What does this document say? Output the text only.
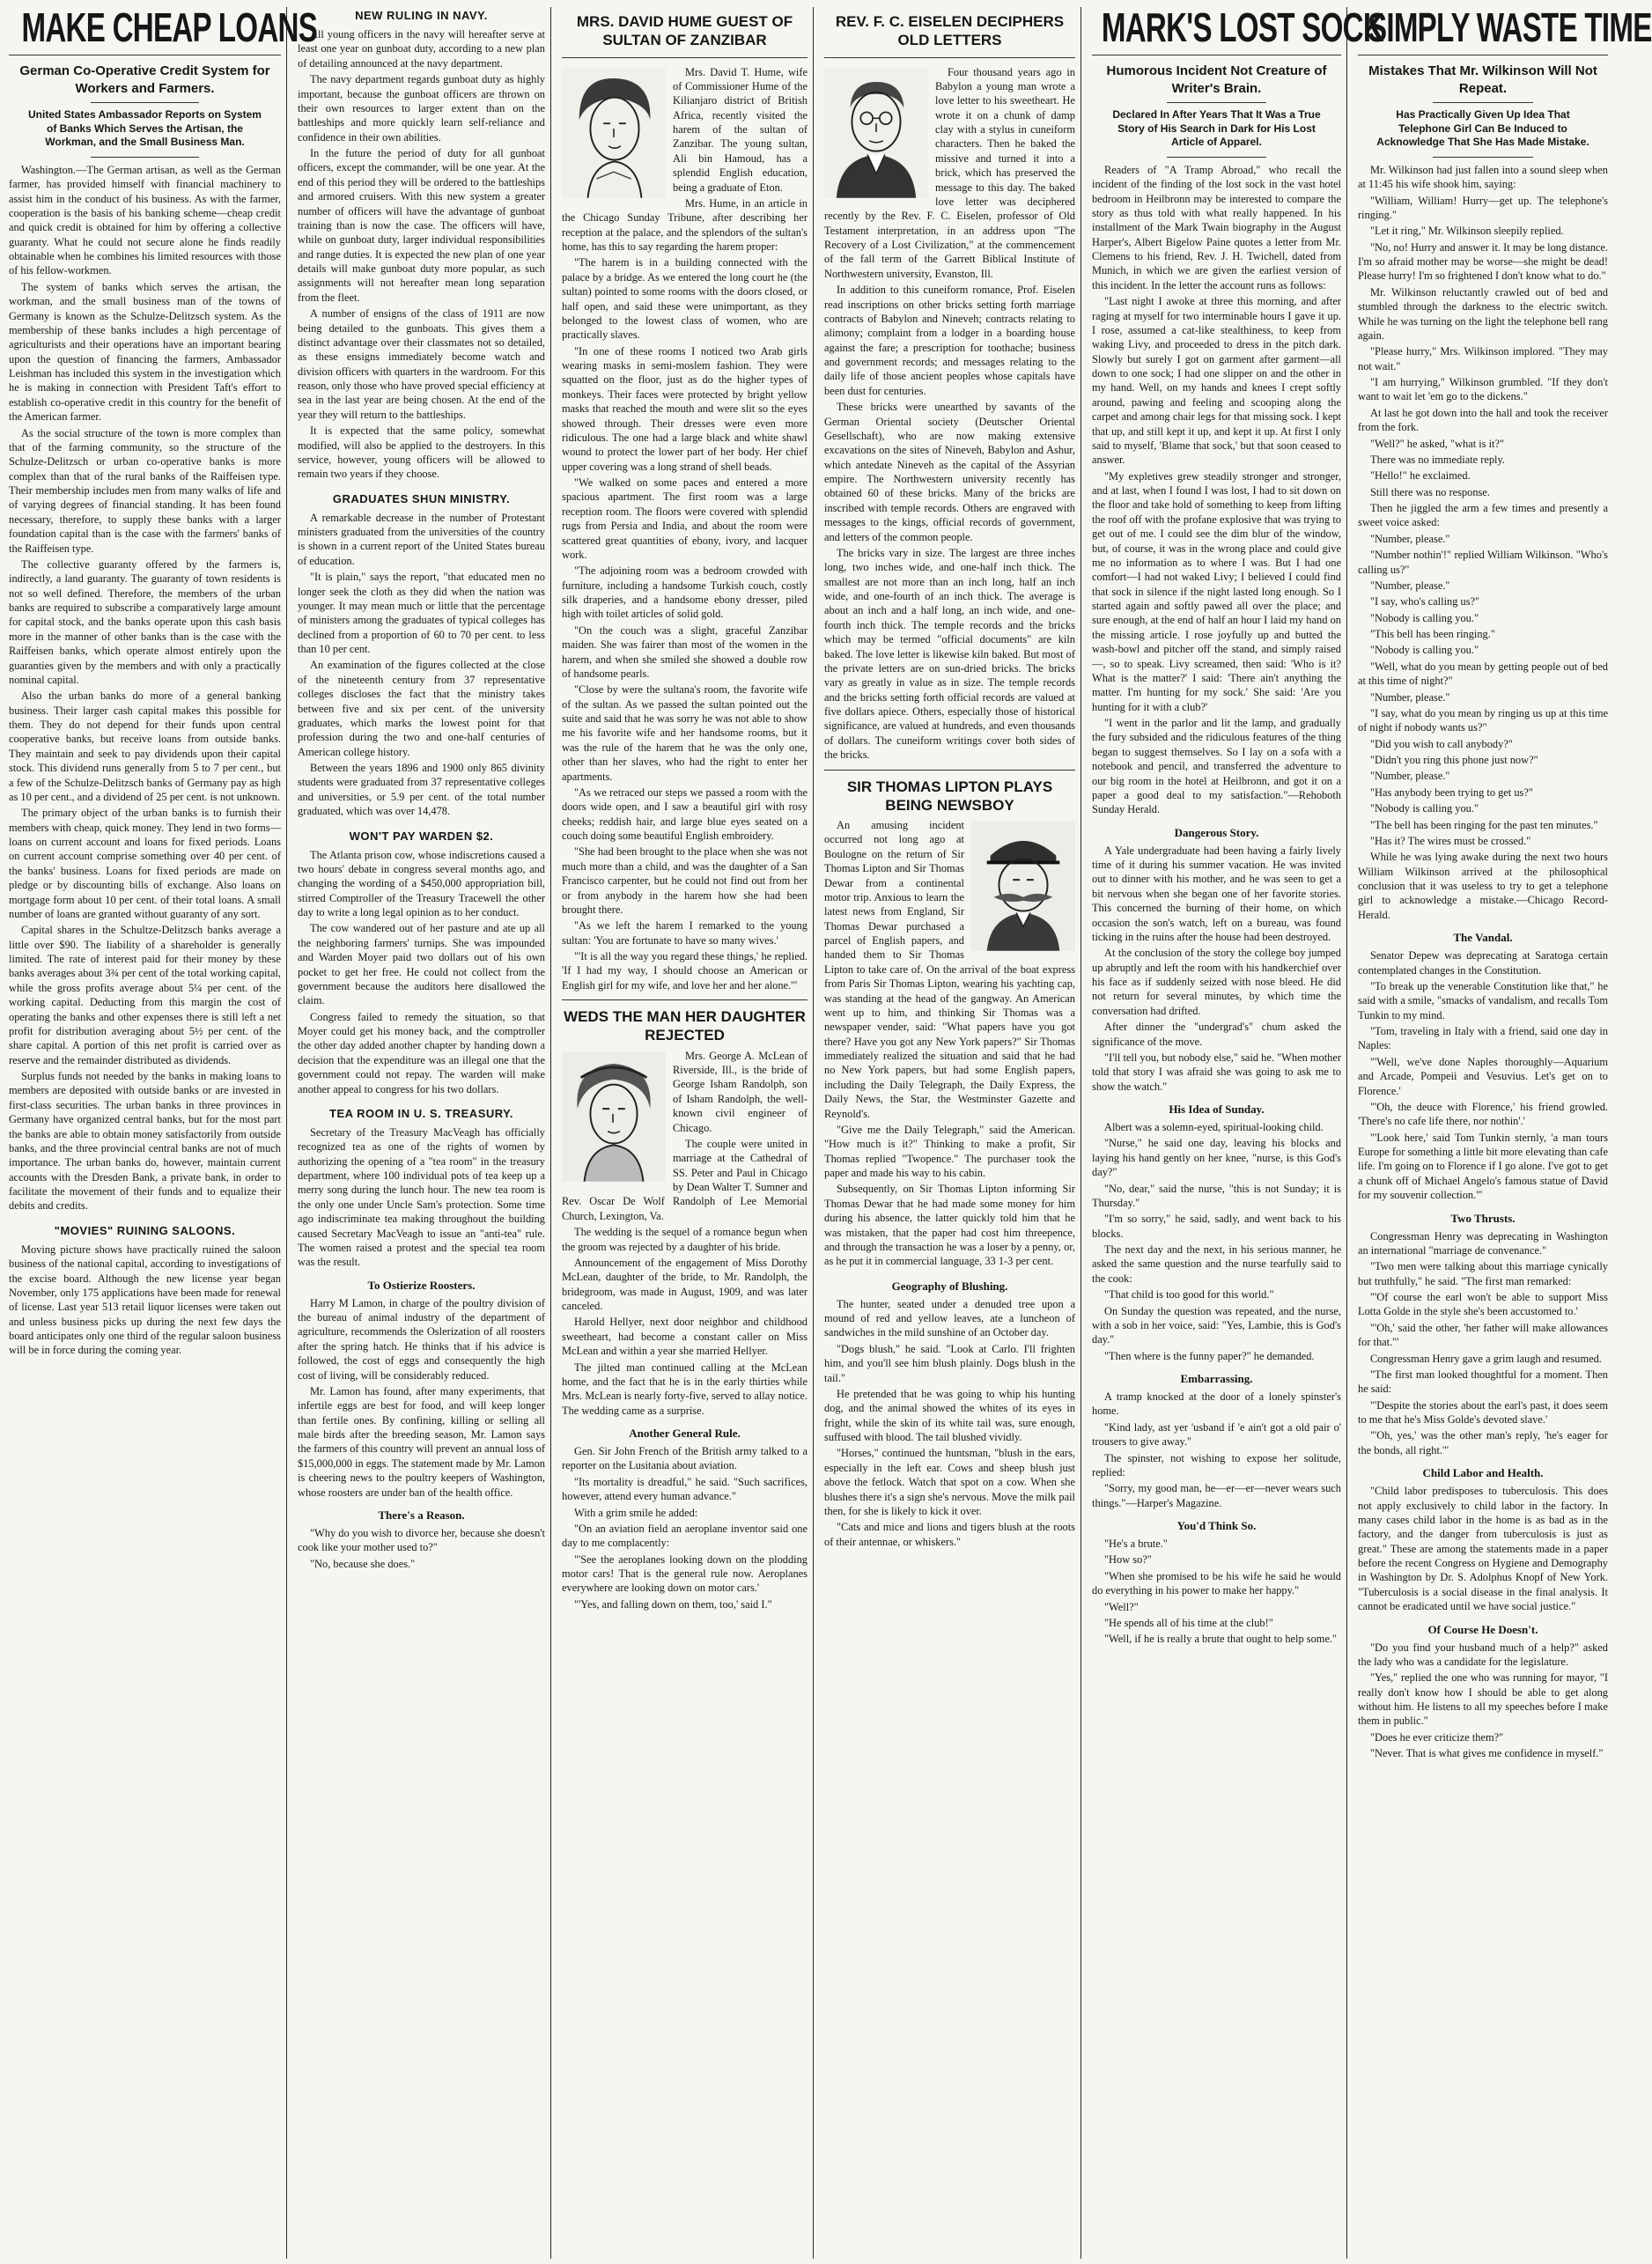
MAKE CHEAP LOANS
German Co-Operative Credit System for Workers and Farmers.
United States Ambassador Reports on System of Banks Which Serves the Artisan, the Workman, and the Small Business Man.

Washington.—The German artisan, as well as the German farmer, has provided himself with financial machinery to assist him in the conduct of his business. As with the farmer, cooperation is the basis of his banking scheme—cheap credit and quick credit is obtained for him by offering a collective guaranty. What he could not secure alone he finds readily obtainable when he combines his limited resources with those of his fellow-workmen.

The system of banks which serves the artisan, the workman, and the small business man of the towns of Germany is known as the Schulze-Delitzsch system. As the membership of these banks includes a high percentage of agriculturists and their operations have an important bearing upon the question of financing the farmers, Ambassador Leishman has included this system in the investigation which he is making in connection with President Taft's effort to establish co-operative credit in this country for the benefit of the American farmer.

As the social structure of the town is more complex than that of the farming community, so the structure of the Schulze-Delitzsch or urban co-operative banks is more complex than that of the rural banks of the Raiffeisen type. Their membership includes men from many walks of life and of varying degrees of financial standing. It has been found necessary, therefore, to supply these banks with a larger foundation capital than is the case with the farmers' banks of the Raiffeisen type.

The collective guaranty offered by the farmers is, indirectly, a land guaranty. The guaranty of town residents is not so well defined. Therefore, the members of the urban banks are required to subscribe a comparatively large amount for capital stock, and the banks operate upon this cash basis more in the manner of other banks than is the case with the Raiffeisen banks, which operate almost entirely upon the guaranties given by the members and with only a practically nominal capital.

Also the urban banks do more of a general banking business. Their larger cash capital makes this possible for them. They do not depend for their funds upon central cooperative banks, but receive loans from outside banks. They maintain and seek to pay dividends upon their capital stock. This dividend runs generally from 5 to 7 per cent., but a few of the Schulze-Delitzsch banks of Germany pay as high as 10 per cent., and a dividend of 25 per cent. is not unknown.

The primary object of the urban banks is to furnish their members with cheap, quick money. They lend in two forms—loans on current account and loans for fixed periods. Loans on current account comprise something over 40 per cent. of the banks' business. Loans for fixed periods are made on pledge or by discounting bills of exchange. Also loans on mortgage form about 10 per cent. of their total loans. A small number of loans are granted without guaranty of any sort.

Capital shares in the Schultze-Delitzsch banks average a little over $90. The liability of a shareholder is generally limited. The rate of interest paid for their money by these banks averages about 3¾ per cent of the total working capital, while the gross profits average about 5¼ per cent. of the working capital. Deducting from this margin the cost of operating the banks and other expenses there is still left a net profit for distribution averaging about 5½ per cent. of the share capital. A portion of this net profit is carried over as reserve and the remainder distributed as dividends.

Surplus funds not needed by the banks in making loans to members are deposited with outside banks or are invested in first-class securities. The urban banks in three provinces in Germany have organized central banks, but for the most part the banks are able to obtain money satisfactorily from outside banks, and the three provincial central banks are not of much importance. The urban banks do, however, maintain current accounts with the Dresden Bank, a private bank, in order to facilitate the movement of their funds and to equalize their debits and credits.

"MOVIES" RUINING SALOONS.

Moving picture shows have practically ruined the saloon business of the national capital, according to investigations of the excise board. Although the new license year began November, only 175 applications have been made for renewal of license. Last year 513 retail liquor licenses were taken out and unless business picks up during the next few days the board anticipates only one third of the regular saloon business will be in force during the coming year.

NEW RULING IN NAVY.

All young officers in the navy will hereafter serve at least one year on gunboat duty, according to a new plan of detailing announced at the navy department.

The navy department regards gunboat duty as highly important, because the gunboat officers are thrown on their own resources to larger extent than on the battleships and more quickly learn self-reliance and confidence in their own abilities.

In the future the period of duty for all gunboat officers, except the commander, will be one year. At the end of this period they will be ordered to the battleships and armored cruisers. With this new system a greater number of officers will have the advantage of gunboat training than is now the case. The officers will have, while on gunboat duty, larger individual responsibilities and range duties. It is expected the new plan of one year details will make gunboat duty more popular, as such assignments will not hereafter mean long separation from the fleet.

A number of ensigns of the class of 1911 are now being detailed to the gunboats. This gives them a distinct advantage over their classmates not so detailed, as these ensigns immediately become watch and division officers with quarters in the wardroom. For this reason, only those who have proved special efficiency at sea in the last year are being chosen. At the end of the year they will return to the battleships.

It is expected that the same policy, somewhat modified, will also be applied to the destroyers. In this service, however, young officers will be allowed to remain two years if they choose.

GRADUATES SHUN MINISTRY.

A remarkable decrease in the number of Protestant ministers graduated from the universities of the country is shown in a current report of the United States bureau of education.

"It is plain," says the report, "that educated men no longer seek the cloth as they did when the nation was younger. It may mean much or little that the percentage of ministers among the graduates of typical colleges has declined from a proportion of 60 to 70 per cent. to less than 10 per cent.

An examination of the figures collected at the close of the nineteenth century from 37 representative colleges discloses the fact that the ministry takes between five and six per cent. of the university graduates, which marks the lowest point for that profession during the two and one-half centuries of American college history.

Between the years 1896 and 1900 only 865 divinity students were graduated from 37 representative colleges and universities, or 5.9 per cent. of the total number graduated, which was over 14,478.

WON'T PAY WARDEN $2.

The Atlanta prison cow, whose indiscretions caused a two hours' debate in congress several months ago, and changing the wording of a $450,000 appropriation bill, stirred Comptroller of the Treasury Tracewell the other day to write a long legal opinion as to her conduct.

The cow wandered out of her pasture and ate up all the neighboring farmers' turnips. She was impounded and Warden Moyer paid two dollars out of his own pocket to get her free. He could not collect from the government because the auditors here disallowed the claim.

Congress failed to remedy the situation, so that Moyer could get his money back, and the comptroller the other day added another chapter by handing down a decision that the expenditure was an illegal one that the government could not repay. The warden will make another appeal to congress for his two dollars.

TEA ROOM IN U. S. TREASURY.

Secretary of the Treasury MacVeagh has officially recognized tea as one of the rights of women by authorizing the opening of a "tea room" in the treasury department, where 100 individual pots of tea keep up a merry song during the lunch hour. The new tea room is the only one under Uncle Sam's protection. Some time ago indiscriminate tea making throughout the building caused Secretary MacVeagh to issue an "anti-tea" rule. The women raised a protest and the special tea room was the result.

To Ostierize Roosters.

Harry M Lamon, in charge of the poultry division of the bureau of animal industry of the department of agriculture, recommends the Oslerization of all roosters after the spring hatch. He thinks that if his advice is followed, the cost of eggs and consequently the high cost of living, will be considerably reduced.

Mr. Lamon has found, after many experiments, that infertile eggs are best for food, and will keep longer than fertile ones. By confining, killing or selling all male birds after the breeding season, Mr. Lamon says the farmers of this country will prevent an annual loss of $15,000,000 in eggs. The statement made by Mr. Lamon is cheering news to the poultry keepers of Washington, whose roosters are under ban of the health office.

There's a Reason.

"Why do you wish to divorce her, because she doesn't cook like your mother used to?"

"No, because she does."

MRS. DAVID HUME GUEST OF SULTAN OF ZANZIBAR

Mrs. David T. Hume, wife of Commissioner Hume of the Kilianjaro district of British Africa, recently visited the harem of the sultan of Zanzibar. The young sultan, Ali bin Hamoud, has a splendid English education, being a graduate of Eton.

Mrs. Hume, in an article in the Chicago Sunday Tribune, after describing her reception at the palace, and the splendors of the sultan's home, has this to say regarding the harem proper:

"The harem is in a building connected with the palace by a bridge. As we entered the long court he (the sultan) pointed to some rooms with the doors closed, or half open, and said these were unimportant, as they belonged to the lowest class of women, who are practically slaves.

"In one of these rooms I noticed two Arab girls wearing masks in semi-moslem fashion. They were squatted on the floor, just as do the higher types of monkeys. Their faces were protected by bright yellow masks that reached the mouth and were slit so the eyes showed through. Their dresses were even more ridiculous. The one had a large black and white shawl wound to protect the lower part of her body. Her chief upper covering was a long strand of shell beads.

"We walked on some paces and entered a more spacious apartment. The first room was a large reception room. The floors were covered with splendid rugs from Persia and India, and about the room were scattered great quantities of ebony, ivory, and lacquer work.

"The adjoining room was a bedroom crowded with furniture, including a handsome Turkish couch, costly silk draperies, and a handsome ebony dresser, piled high with toilet articles of solid gold.

"On the couch was a slight, graceful Zanzibar maiden. She was fairer than most of the women in the harem, and when she smiled she showed a double row of handsome pearls.

"Close by were the sultana's room, the favorite wife of the sultan. As we passed the sultan pointed out the suite and said that he was sorry he was not able to show me his favorite wife and her handsome rooms, but it was the rule of the harem that he was the only one, other than her slaves, who had the right to enter her apartments.

"As we retraced our steps we passed a room with the doors wide open, and I saw a beautiful girl with rosy cheeks; reddish hair, and large blue eyes seated on a couch doing some beautiful English embroidery.

"She had been brought to the place when she was not much more than a child, and was the daughter of a San Francisco carpenter, but he could not find out from her or from anybody in the harem how she had been brought there.

"As we left the harem I remarked to the young sultan: 'You are fortunate to have so many wives.'

"'It is all the way you regard these things,' he replied. 'If I had my way, I should choose an American or English girl for my wife, and love her and her alone.'"

WEDS THE MAN HER DAUGHTER REJECTED

Mrs. George A. McLean of Riverside, Ill., is the bride of George Isham Randolph, son of Isham Randolph, the well-known civil engineer of Chicago.

The couple were united in marriage at the Cathedral of SS. Peter and Paul in Chicago by Dean Walter T. Sumner and Rev. Oscar De Wolf Randolph of Lee Memorial Church, Lexington, Va.

The wedding is the sequel of a romance begun when the groom was rejected by a daughter of his bride.

Announcement of the engagement of Miss Dorothy McLean, daughter of the bride, to Mr. Randolph, the bridegroom, was made in August, 1909, and was later canceled.

Harold Hellyer, next door neighbor and childhood sweetheart, had become a constant caller on Miss McLean and within a year she married Hellyer.

The jilted man continued calling at the McLean home, and the fact that he is in the early thirties while Mrs. McLean is nearly forty-five, served to allay notice. The wedding came as a surprise.

Another General Rule.

Gen. Sir John French of the British army talked to a reporter on the Lusitania about aviation.

"Its mortality is dreadful," he said. "Such sacrifices, however, attend every human advance."

With a grim smile he added:

"On an aviation field an aeroplane inventor said one day to me complacently:

"'See the aeroplanes looking down on the plodding motor cars! That is the general rule now. Aeroplanes everywhere are looking down on motor cars.'

"'Yes, and falling down on them, too,' said I."

REV. F. C. EISELEN DECIPHERS OLD LETTERS

Four thousand years ago in Babylon a young man wrote a love letter to his sweetheart. He wrote it on a chunk of damp clay with a stylus in cuneiform characters. Then he baked the missive and turned it into a brick, which has preserved the message to this day. The baked love letter was deciphered recently by the Rev. F. C. Eiselen, professor of Old Testament interpretation, in an address upon "The Recovery of a Lost Civilization," at the commencement of the fall term of the Garrett Biblical Institute of Northwestern university, Evanston, Ill.

In addition to this cuneiform romance, Prof. Eiselen read inscriptions on other bricks setting forth marriage contracts of Babylon and Nineveh; contracts relating to alimony; complaint from a lodger in a boarding house against the fare; a prescription for toothache; business and government records; and messages relating to the daily life of those ancient peoples whose capitals have been dust for centuries.

These bricks were unearthed by savants of the German Oriental society (Deutscher Oriental Gesellschaft), who are now making extensive excavations on the sites of Nineveh, Babylon and Ashur, which antedate Nineveh as the capital of the Assyrian empire. The Northwestern university recently has obtained 60 of these bricks. Many of the bricks are inscribed with temple records. Others are engraved with messages to the kings, official records of government, and letters of the common people.

The bricks vary in size. The largest are three inches long, two inches wide, and one-half inch thick. The smallest are not more than an inch long, half an inch wide, and one-fourth of an inch thick. The average is about an inch and a half long, an inch wide, and one-fourth inch thick. The temple records and the bricks which may be termed "official documents" are kiln baked. The love letter is likewise kiln baked. But most of the private letters are on sun-dried bricks. The bricks vary as greatly in value as in size. The temple records and the bricks setting forth official records are valued at five dollars apiece. Others, especially those of historical significance, are valued at hundreds, and even thousands of dollars. The cuneiform writings cover both sides of the bricks.

SIR THOMAS LIPTON PLAYS BEING NEWSBOY

An amusing incident occurred not long ago at Boulogne on the return of Sir Thomas Lipton and Sir Thomas Dewar from a continental motor trip. Anxious to learn the latest news from England, Sir Thomas Dewar purchased a parcel of English papers, and handed them to Sir Thomas Lipton to take care of. On the arrival of the boat express from Paris Sir Thomas Lipton, wearing his yachting cap, was standing at the head of the gangway. An American went up to him, and thinking Sir Thomas was a newspaper vender, said: "What papers have you got there? Have you got any New York papers?" Sir Thomas immediately realized the situation and said that he had no New York papers, but had some English papers, including the Daily Telegraph, the Daily Express, the Daily News, the Star, the Westminster Gazette and Reynold's.

"Give me the Daily Telegraph," said the American. "How much is it?" Thinking to make a profit, Sir Thomas replied "Twopence." The purchaser took the paper and made his way to his cabin.

Subsequently, on Sir Thomas Lipton informing Sir Thomas Dewar that he had made some money for him during his absence, the latter quickly told him that he was mistaken, that the paper had cost him threepence, and through the transaction he was a loser by a penny, or, as he put it in commercial language, 33 1-3 per cent.

Geography of Blushing.

The hunter, seated under a denuded tree upon a mound of red and yellow leaves, ate a luncheon of sandwiches in the mild sunshine of an October day.

"Dogs blush," he said. "Look at Carlo. I'll frighten him, and you'll see him blush plainly. Dogs blush in the tail."

He pretended that he was going to whip his hunting dog, and the animal showed the whites of its eyes in fright, while the skin of its white tail was, sure enough, suffused with blood. The tail blushed vividly.

"Horses," continued the huntsman, "blush in the ears, especially in the left ear. Cows and sheep blush just above the fetlock. Watch that spot on a cow. When she blushes there it's a sign she's nervous. Move the milk pail then, for she is likely to kick it over.

"Cats and mice and lions and tigers blush at the roots of their antennae, or whiskers."

MARK'S LOST SOCK
Humorous Incident Not Creature of Writer's Brain.
Declared In After Years That It Was a True Story of His Search in Dark for His Lost Article of Apparel.

Readers of "A Tramp Abroad," who recall the incident of the finding of the lost sock in the vast hotel bedroom in Heilbronn may be interested to compare the story as thus told with what really happened. In his installment of the Mark Twain biography in the August Harper's, Albert Bigelow Paine quotes a letter from Mr. Clemens to his friend, Rev. J. H. Twichell, dated from Munich, in which we are given the earliest version of this incident. In the letter the account runs as follows:

"Last night I awoke at three this morning, and after raging at myself for two interminable hours I gave it up. I rose, assumed a cat-like stealthiness, to keep from waking Livy, and proceeded to dress in the pitch dark. Slowly but surely I got on garment after garment—all down to one sock; I had one slipper on and the other in my hand. Well, on my hands and knees I crept softly around, pawing and feeling and scooping along the carpet and among chair legs for that missing sock. I kept that up, and still kept it up, and kept it up. At first I only said to myself, 'Blame that sock,' but that soon ceased to answer.

"My expletives grew steadily stronger and stronger, and at last, when I found I was lost, I had to sit down on the floor and take hold of something to keep from lifting the roof off with the profane explosive that was trying to get out of me. I could see the dim blur of the window, but, of course, it was in the wrong place and could give me no information as to where I was. But I had one comfort—I had not waked Livy; I believed I could find that sock in silence if the night lasted long enough. So I started again and softly pawed all over the place; and sure enough, at the end of half an hour I laid my hand on the missing article. I rose joyfully up and butted the wash-bowl and pitcher off the stand, and simply raised —, so to speak. Livy screamed, then said: 'Who is it? What is the matter?' I said: 'There ain't anything the matter. I'm hunting for my sock.' She said: 'Are you hunting for it with a club?'

"I went in the parlor and lit the lamp, and gradually the fury subsided and the ridiculous features of the thing began to suggest themselves. So I lay on a sofa with a notebook and pencil, and transferred the adventure to our big room in the hotel at Heilbronn, and got it on a paper a good deal to my satisfaction."—Rehoboth Sunday Herald.

Dangerous Story.

A Yale undergraduate had been having a fairly lively time of it during his summer vacation. He was invited out to dinner with his mother, and he was seen to get a bit nervous when she began one of her favorite stories. This concerned the burning of their home, on which occasion the son's watch, left on a bureau, was found ticking in the ruins after the house had been destroyed.

At the conclusion of the story the college boy jumped up abruptly and left the room with his handkerchief over his face as if suddenly seized with nose bleed. He did not return for several minutes, by which time the conversation had drifted.

After dinner the "undergrad's" chum asked the significance of the move.

"I'll tell you, but nobody else," said he. "When mother told that story I was afraid she was going to ask me to show the watch."

His Idea of Sunday.

Albert was a solemn-eyed, spiritual-looking child.

"Nurse," he said one day, leaving his blocks and laying his hand gently on her knee, "nurse, is this God's day?"

"No, dear," said the nurse, "this is not Sunday; it is Thursday."

"I'm so sorry," he said, sadly, and went back to his blocks.

The next day and the next, in his serious manner, he asked the same question and the nurse tearfully said to the cook:

"That child is too good for this world."

On Sunday the question was repeated, and the nurse, with a sob in her voice, said: "Yes, Lambie, this is God's day."

"Then where is the funny paper?" he demanded.

Embarrassing.

A tramp knocked at the door of a lonely spinster's home.

"Kind lady, ast yer 'usband if 'e ain't got a old pair o' trousers to give away."

The spinster, not wishing to expose her solitude, replied:

"Sorry, my good man, he—er—er—never wears such things."—Harper's Magazine.

You'd Think So.

"He's a brute."

"How so?"

"When she promised to be his wife he said he would do everything in his power to make her happy."

"Well?"

"He spends all of his time at the club!"

"Well, if he is really a brute that ought to help some."

SIMPLY WASTE TIME
Mistakes That Mr. Wilkinson Will Not Repeat.
Has Practically Given Up Idea That Telephone Girl Can Be Induced to Acknowledge That She Has Made Mistake.

Mr. Wilkinson had just fallen into a sound sleep when at 11:45 his wife shook him, saying:

"William, William! Hurry—get up. The telephone's ringing."

"Let it ring," Mr. Wilkinson sleepily replied.

"No, no! Hurry and answer it. It may be long distance. I'm so afraid mother may be worse—she might be dead! Please hurry! I'm so frightened I don't know what to do."

Mr. Wilkinson reluctantly crawled out of bed and stumbled through the darkness to the electric switch. While he was turning on the light the telephone bell rang again.

"Please hurry," Mrs. Wilkinson implored. "They may not wait."

"I am hurrying," Wilkinson grumbled. "If they don't want to wait let 'em go to the dickens."

At last he got down into the hall and took the receiver from the fork.

"Well?" he asked, "what is it?"

There was no immediate reply.

"Hello!" he exclaimed.

Still there was no response.

Then he jiggled the arm a few times and presently a sweet voice asked:

"Number, please."

"Number nothin'!" replied William Wilkinson. "Who's calling us?"

"Number, please."

"I say, who's calling us?"

"Nobody is calling you."

"This bell has been ringing."

"Nobody is calling you."

"Well, what do you mean by getting people out of bed at this time of night?"

"Number, please."

"I say, what do you mean by ringing us up at this time of night if nobody wants us?"

"Did you wish to call anybody?"

"Didn't you ring this phone just now?"

"Number, please."

"Has anybody been trying to get us?"

"Nobody is calling you."

"The bell has been ringing for the past ten minutes."

"Has it? The wires must be crossed."

While he was lying awake during the next two hours William Wilkinson arrived at the philosophical conclusion that it was useless to try to get a telephone girl to acknowledge a mistake.—Chicago Record-Herald.

The Vandal.

Senator Depew was deprecating at Saratoga certain contemplated changes in the Constitution.

"To break up the venerable Constitution like that," he said with a smile, "smacks of vandalism, and recalls Tom Tunkin to my mind.

"Tom, traveling in Italy with a friend, said one day in Naples:

"'Well, we've done Naples thoroughly—Aquarium and Arcade, Pompeii and Vesuvius. Let's get on to Florence.'

"'Oh, the deuce with Florence,' his friend growled. 'There's no cafe life there, nor nothin'.'

"'Look here,' said Tom Tunkin sternly, 'a man tours Europe for something a little bit more elevating than cafe life. I'm going on to Florence if I go alone. I've got to get a chunk off of Michael Angelo's famous statue of David for my souvenir collection.'"

Two Thrusts.

Congressman Henry was deprecating in Washington an international "marriage de convenance."

"Two men were talking about this marriage cynically but truthfully," he said. "The first man remarked:

"'Of course the earl won't be able to support Miss Lotta Golde in the style she's been accustomed to.'

"'Oh,' said the other, 'her father will make allowances for that.'"

Congressman Henry gave a grim laugh and resumed.

"The first man looked thoughtful for a moment. Then he said:

"'Despite the stories about the earl's past, it does seem to me that he's Miss Golde's devoted slave.'

"'Oh, yes,' was the other man's reply, 'he's eager for the bonds, all right.'"

Child Labor and Health.

"Child labor predisposes to tuberculosis. This does not apply exclusively to child labor in the factory. In many cases child labor in the home is as bad as in the factory, and the danger from tuberculosis is just as great." These are among the statements made in a paper before the recent Congress on Hygiene and Demography in Washington by Dr. S. Adolphus Knopf of New York. "Tuberculosis is a social disease in the final analysis. It cannot be eradicated until we have social justice."

Of Course He Doesn't.

"Do you find your husband much of a help?" asked the lady who was a candidate for the legislature.

"Yes," replied the one who was running for mayor, "I really don't know how I should be able to get along without him. He listens to all my speeches before I make them in public."

"Does he ever criticize them?"

"Never. That is what gives me confidence in myself."
